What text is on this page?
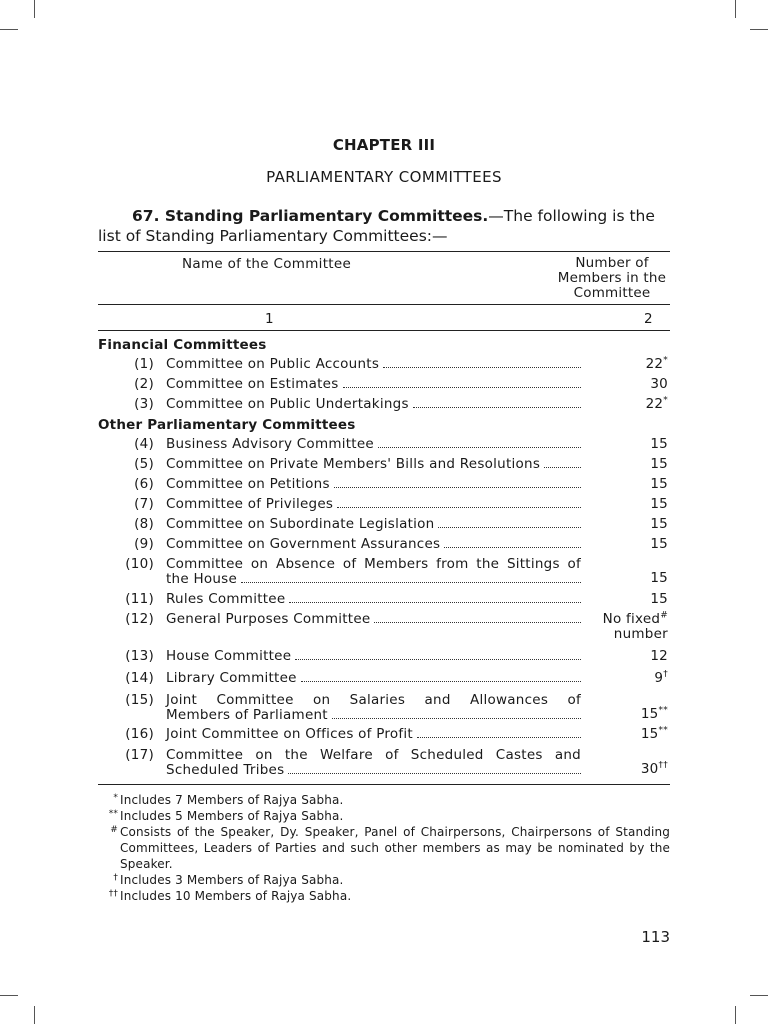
CHAPTER III
PARLIAMENTARY COMMITTEES
67. Standing Parliamentary Committees.—The following is the
list of Standing Parliamentary Committees:—
Name of the Committee	Number of
Members in the
Committee
1	2
Financial Committees
(1) Committee on Public Accounts	22*
(2) Committee on Estimates	30
(3) Committee on Public Undertakings	22*
Other Parliamentary Committees
(4) Business Advisory Committee	15
(5) Committee on Private Members' Bills and Resolutions	15
(6) Committee on Petitions	15
(7) Committee of Privileges	15
(8) Committee on Subordinate Legislation	15
(9) Committee on Government Assurances	15
(10) Committee on Absence of Members from the Sittings of
the House	15
(11) Rules Committee	15
(12) General Purposes Committee	No fixed#
number
(13) House Committee	12
(14) Library Committee	9†
(15) Joint Committee on Salaries and Allowances of
Members of Parliament	15**
(16) Joint Committee on Offices of Profit	15**
(17) Committee on the Welfare of Scheduled Castes and
Scheduled Tribes	30††
* Includes 7 Members of Rajya Sabha.
** Includes 5 Members of Rajya Sabha.
# Consists of the Speaker, Dy. Speaker, Panel of Chairpersons, Chairpersons of Standing Committees, Leaders of Parties and such other members as may be nominated by the Speaker.
† Includes 3 Members of Rajya Sabha.
†† Includes 10 Members of Rajya Sabha.
113
